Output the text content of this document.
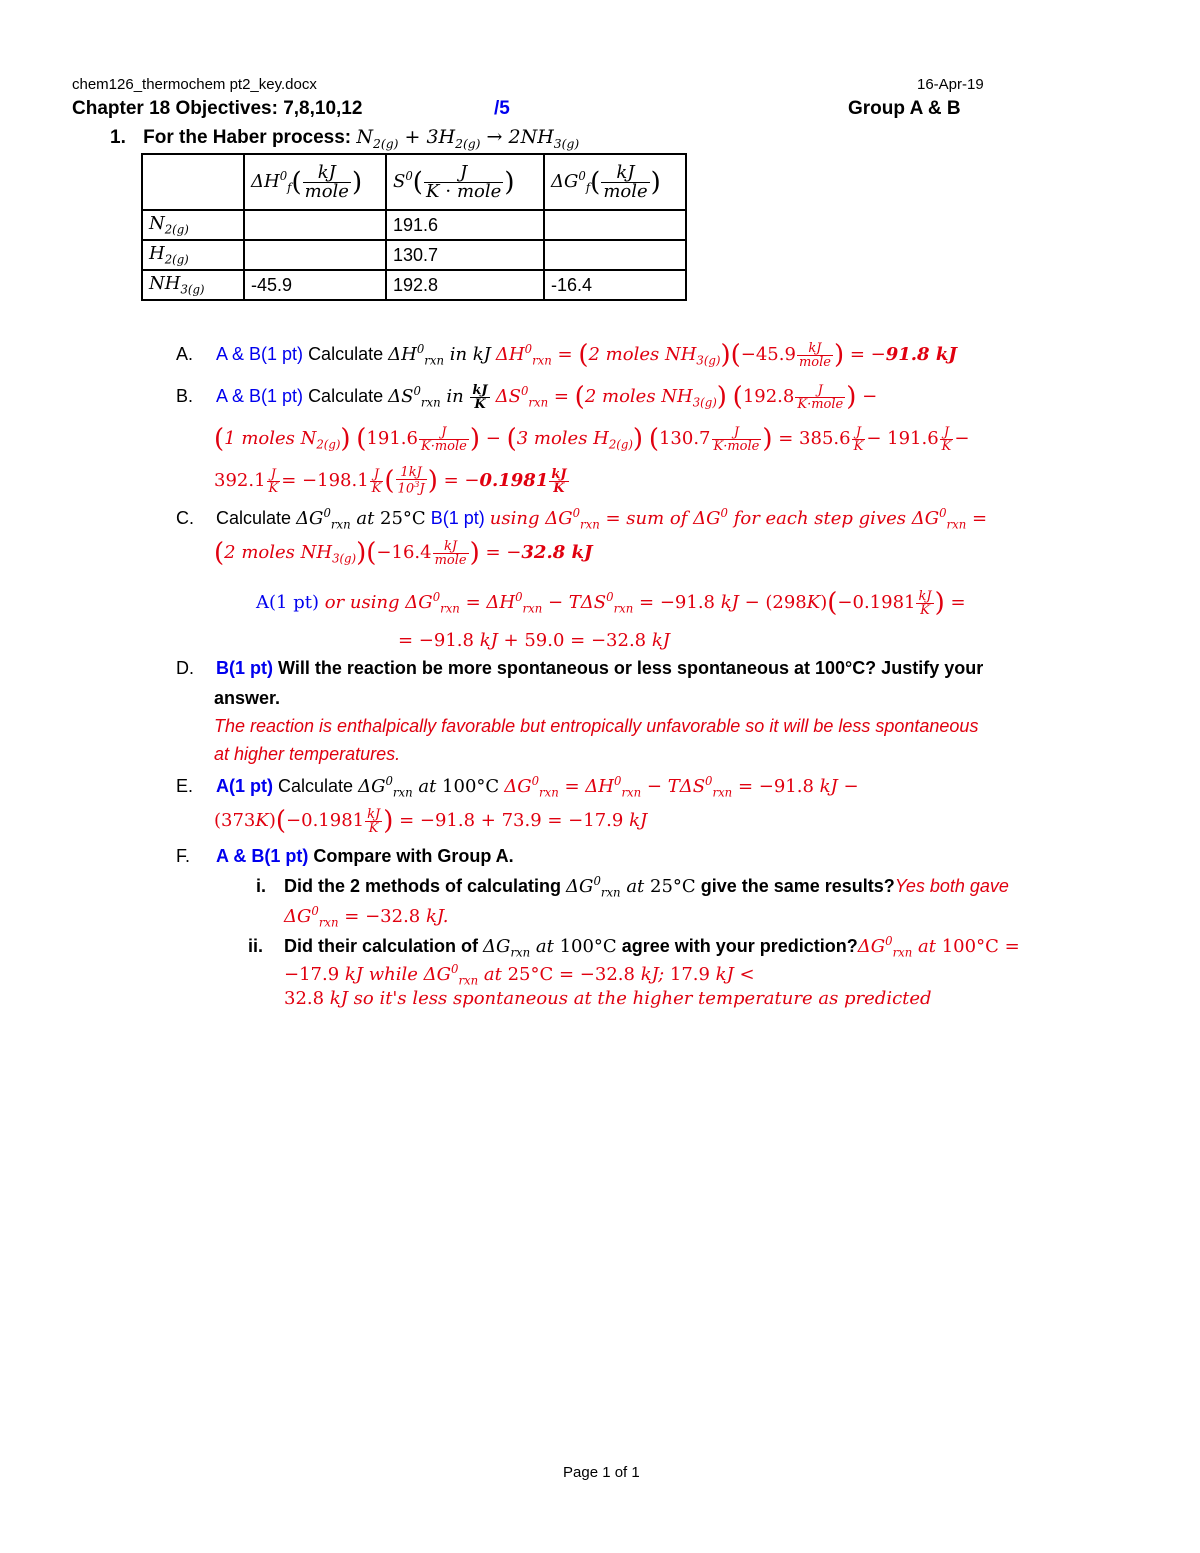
chem126_thermochem pt2_key.docx	16-Apr-19
Chapter 18 Objectives: 7,8,10,12	/5	Group A & B
1. For the Haber process: $N_{2(g)} + 3H_{2(g)} \to 2NH_{3(g)}$
	$\Delta H^0_f( \frac{kJ}{\text{mole}}$ )	$S^0( \frac{J}{\text{K ⋅ mole}}$ )	$\Delta G^0_f( \frac{kJ}{\text{mole}}$ )
$N_{2(g)}$		191.6	
$H_{2(g)}$		130.7	
$NH_{3(g)}$	-45.9	192.8	-16.4
A. A & B(1 pt) Calculate $\Delta H^0_{rxn}$ in kJ $\Delta H^0_{rxn} = (2$ moles $NH_{3(g)})(-45.9 \frac{kJ}{\text{mole}}$ ) = −91.8 kJ
B. A & B(1 pt) Calculate $\Delta S^0_{rxn}$ in $\frac{kJ}{K} \Delta S^0_{rxn} = (2$ moles $NH_{3(g)}$) ($192.8 \frac{J}{\text{K·mole}}$ ) −
(1 moles $N_{2(g)}$) ($191.6 \frac{J}{\text{K·mole}}$ ) − (3 moles $H_{2(g)}$) ($130.7 \frac{J}{\text{K·mole}}$ ) = $385.6 \frac{J}{K} - 191.6 \frac{J}{K}$ −
$392.1 \frac{J}{K} = -198.1 \frac{J}{K}$ ( $\frac{1kJ}{10^3J}$ ) = $-0.1981 \frac{kJ}{K}$
C. Calculate $\Delta G^0_{rxn}$ at 25°C B(1 pt) using $\Delta G^0_{rxn}$ = sum of $\Delta G^0$ for each step gives $\Delta G^0_{rxn}$ =
(2 moles $NH_{3(g)})(-16.4 \frac{kJ}{\text{mole}}$ ) = −32.8 kJ
A(1 pt) or using $\Delta G^0_{rxn} = \Delta H^0_{rxn} - T\Delta S^0_{rxn} = -91.8$ kJ − $(298K)(-0.1981 \frac{kJ}{K}$ ) =
= −91.8 kJ + 59.0 = −32.8 kJ
D. B(1 pt) Will the reaction be more spontaneous or less spontaneous at 100°C? Justify your
answer.
The reaction is enthalpically favorable but entropically unfavorable so it will be less spontaneous
at higher temperatures.
E. A(1 pt) Calculate $\Delta G^0_{rxn}$ at 100°C $\Delta G^0_{rxn} = \Delta H^0_{rxn} - T\Delta S^0_{rxn} = -91.8$ kJ −
$(373K)(-0.1981 \frac{kJ}{K}$ ) = −91.8 + 73.9 = −17.9 kJ
F. A & B(1 pt) Compare with Group A.
i. Did the 2 methods of calculating $\Delta G^0_{rxn}$ at 25°C give the same results?Yes both gave
$\Delta G^0_{rxn} = -32.8$ kJ.
ii. Did their calculation of $\Delta G_{rxn}$ at 100°C agree with your $prediction?\Delta G^0_{rxn}$ at 100°C =
−17.9 kJ while $\Delta G^0_{rxn}$ at 25°C = −32.8 kJ; 17.9 kJ <
32.8 kJ so it's less spontaneous at the higher temperature as predicted
Page 1 of 1
